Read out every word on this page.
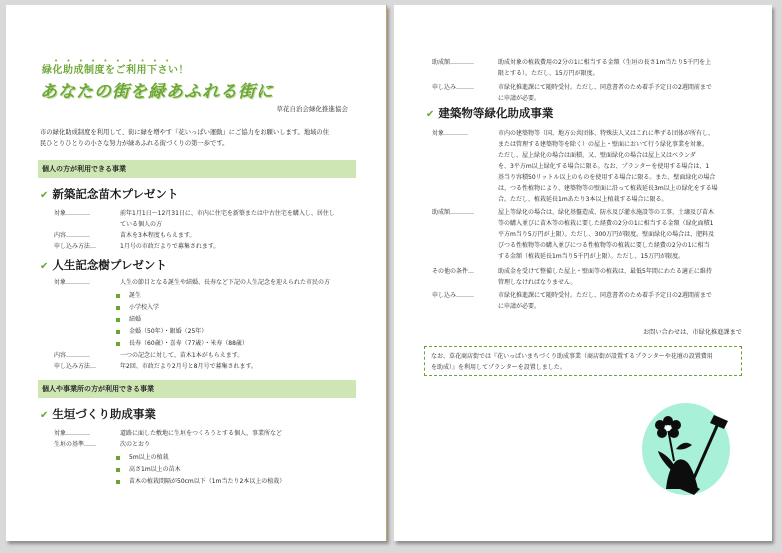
• • • • • • • • • •
緑化助成制度をご利用下さい！
あなたの街を緑あふれる街に
草花自治会緑化推進協会
市の緑化助成制度を利用して、街に緑を増やす『花いっぱい運動』にご協力をお願いします。地域の住
民ひとりひとりの小さな努力が緑あふれる街づくりの第一歩です。
個人の方が利用できる事業
✔ 新築記念苗木プレゼント
対象…………	前年1月1日～12月31日に、市内に住宅を新築または中古住宅を購入し、居住し
ている個人の方
内容…………	苗木を3本程度もらえます。
申し込み方法…	1月号の市政だよりで募集されます。
✔ 人生記念樹プレゼント
対象…………	人生の節目となる誕生や結婚、長寿など下記の人生記念を迎えられた市民の方
誕生
小学校入学
結婚
金婚（50年）・銀婚（25年）
長寿（60歳）・喜寿（77歳）・米寿（88歳）
内容…………	一つの記念に対して、苗木1本がもらえます。
申し込み方法…	年2回、市政だより2月号と8月号で募集されます。
個人や事業所の方が利用できる事業
✔ 生垣づくり助成事業
対象…………	道路に面した敷地に生垣をつくろうとする個人、事業所など
生垣の基準……	次のとおり
5m以上の植栽
高さ1m以上の苗木
苗木の植栽間隔が50cm以下（1m当たり2本以上の植栽）
助成額…………	助成対象の植栽費用の2分の1に相当する金額（生垣の長さ1m当たり5千円を上
限とする）。ただし、15万円が限度。
申し込み………	市緑化推進課にて随時受付。ただし、同意書者のため着手予定日の2週間前まで
に申請が必要。
✔ 建築物等緑化助成事業
対象…………	市内の建築物等（国、地方公共団体、特殊法人又はこれに準ずる団体が所有し、
または管理する建築物等を除く）の屋上・壁面において行う緑化事業を対象。
ただし、屋上緑化の場合は面積、又、壁面緑化の場合は屋上又はベランダ
を、3平方m以上緑化する場合に限る。なお、プランターを使用する場合は、1
基当り容積50リットル以上のものを使用する場合に限る。また、壁面緑化の場合
は、つる性植物により、建築物等の壁面に沿って植栽延長3m以上の緑化をする場
合。ただし、植栽延長1mあたり3本以上植栽する場合に限る。
助成額…………	屋上等緑化の場合は、緑化基盤造成、防水及び灌水施設等の工事、土壌及び苗木
等の購入並びに苗木等の植栽に要した経費の2分の1に相当する金額（緑化面積1
平方m当り5万円が上限）。ただし、300万円が限度。壁面緑化の場合は、肥料及
びつる性植物等の購入並びにつる性植物等の植栽に要した経費の2分の1に相当
する金額（植栽延長1m当り5千円が上限）。ただし、15万円が限度。
その他の条件…	助成金を受けて整備した屋上・壁面等の植栽は、最低5年間にわたる適正に維持
管理しなければなりません。
申し込み………	市緑化推進課にて随時受付。ただし、同意書者のため着手予定日の2週間前まで
に申請が必要。
お問い合わせは、市緑化推進課まで
なお、草花商店街では『花いっぱいまちづくり助成事業（商店街が設置するプランターや花壇の設置費用
を助成）』を利用してプランターを設置しました。
